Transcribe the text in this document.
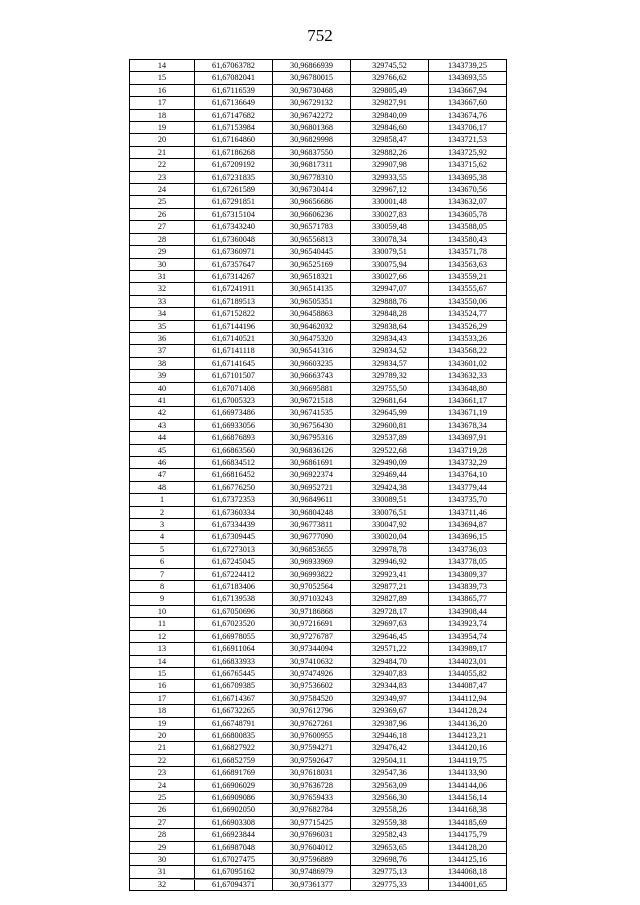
752
14	61,67063782	30,96866939	329745,52	1343739,25
15	61,67082041	30,96780015	329766,62	1343693,55
16	61,67116539	30,96730468	329805,49	1343667,94
17	61,67136649	30,96729132	329827,91	1343667,60
18	61,67147682	30,96742272	329840,09	1343674,76
19	61,67153984	30,96801368	329846,60	1343706,17
20	61,67164860	30,96829998	329858,47	1343721,53
21	61,67186268	30,96837550	329882,26	1343725,92
22	61,67209192	30,96817311	329907,98	1343715,62
23	61,67231835	30,96778310	329933,55	1343695,38
24	61,67261589	30,96730414	329967,12	1343670,56
25	61,67291851	30,96656686	330001,48	1343632,07
26	61,67315104	30,96606236	330027,83	1343605,78
27	61,67343240	30,96571783	330059,48	1343588,05
28	61,67360048	30,96556813	330078,34	1343580,43
29	61,67360971	30,96540445	330079,51	1343571,78
30	61,67357647	30,96525169	330075,94	1343563,63
31	61,67314267	30,96518321	330027,66	1343559,21
32	61,67241911	30,96514135	329947,07	1343555,67
33	61,67189513	30,96505351	329888,76	1343550,06
34	61,67152822	30,96458863	329848,28	1343524,77
35	61,67144196	30,96462032	329838,64	1343526,29
36	61,67140521	30,96475320	329834,43	1343533,26
37	61,67141118	30,96541316	329834,52	1343568,22
38	61,67141645	30,96603235	329834,57	1343601,02
39	61,67101507	30,96663743	329789,32	1343632,33
40	61,67071408	30,96695881	329755,50	1343648,80
41	61,67005323	30,96721518	329681,64	1343661,17
42	61,66973486	30,96741535	329645,99	1343671,19
43	61,66933056	30,96756430	329600,81	1343678,34
44	61,66876893	30,96795316	329537,89	1343697,91
45	61,66863560	30,96836126	329522,68	1343719,28
46	61,66834512	30,96861691	329490,09	1343732,29
47	61,66816452	30,96922374	329469,44	1343764,10
48	61,66776250	30,96952721	329424,38	1343779,44
1	61,67372353	30,96849611	330089,51	1343735,70
2	61,67360334	30,96804248	330076,51	1343711,46
3	61,67334439	30,96773811	330047,92	1343694,87
4	61,67309445	30,96777090	330020,04	1343696,15
5	61,67273013	30,96853655	329978,78	1343736,03
6	61,67245045	30,96933969	329946,92	1343778,05
7	61,67224412	30,96993822	329923,41	1343809,37
8	61,67183406	30,97052564	329877,21	1343839,73
9	61,67139538	30,97103243	329827,89	1343865,77
10	61,67050696	30,97186868	329728,17	1343908,44
11	61,67023520	30,97216691	329697,63	1343923,74
12	61,66978055	30,97276787	329646,45	1343954,74
13	61,66911064	30,97344094	329571,22	1343989,17
14	61,66833933	30,97410632	329484,70	1344023,01
15	61,66765445	30,97474926	329407,83	1344055,82
16	61,66709385	30,97536602	329344,83	1344087,47
17	61,66714367	30,97584520	329349,97	1344112,94
18	61,66732265	30,97612796	329369,67	1344128,24
19	61,66748791	30,97627261	329387,96	1344136,20
20	61,66800835	30,97600955	329446,18	1344123,21
21	61,66827922	30,97594271	329476,42	1344120,16
22	61,66852759	30,97592647	329504,11	1344119,75
23	61,66891769	30,97618031	329547,36	1344133,90
24	61,66906029	30,97636728	329563,09	1344144,06
25	61,66909086	30,97659433	329566,30	1344156,14
26	61,66902050	30,97682784	329558,26	1344168,38
27	61,66903308	30,97715425	329559,38	1344185,69
28	61,66923844	30,97696031	329582,43	1344175,79
29	61,66987048	30,97604012	329653,65	1344128,20
30	61,67027475	30,97596889	329698,76	1344125,16
31	61,67095162	30,97486979	329775,13	1344068,18
32	61,67094371	30,97361377	329775,33	1344001,65
